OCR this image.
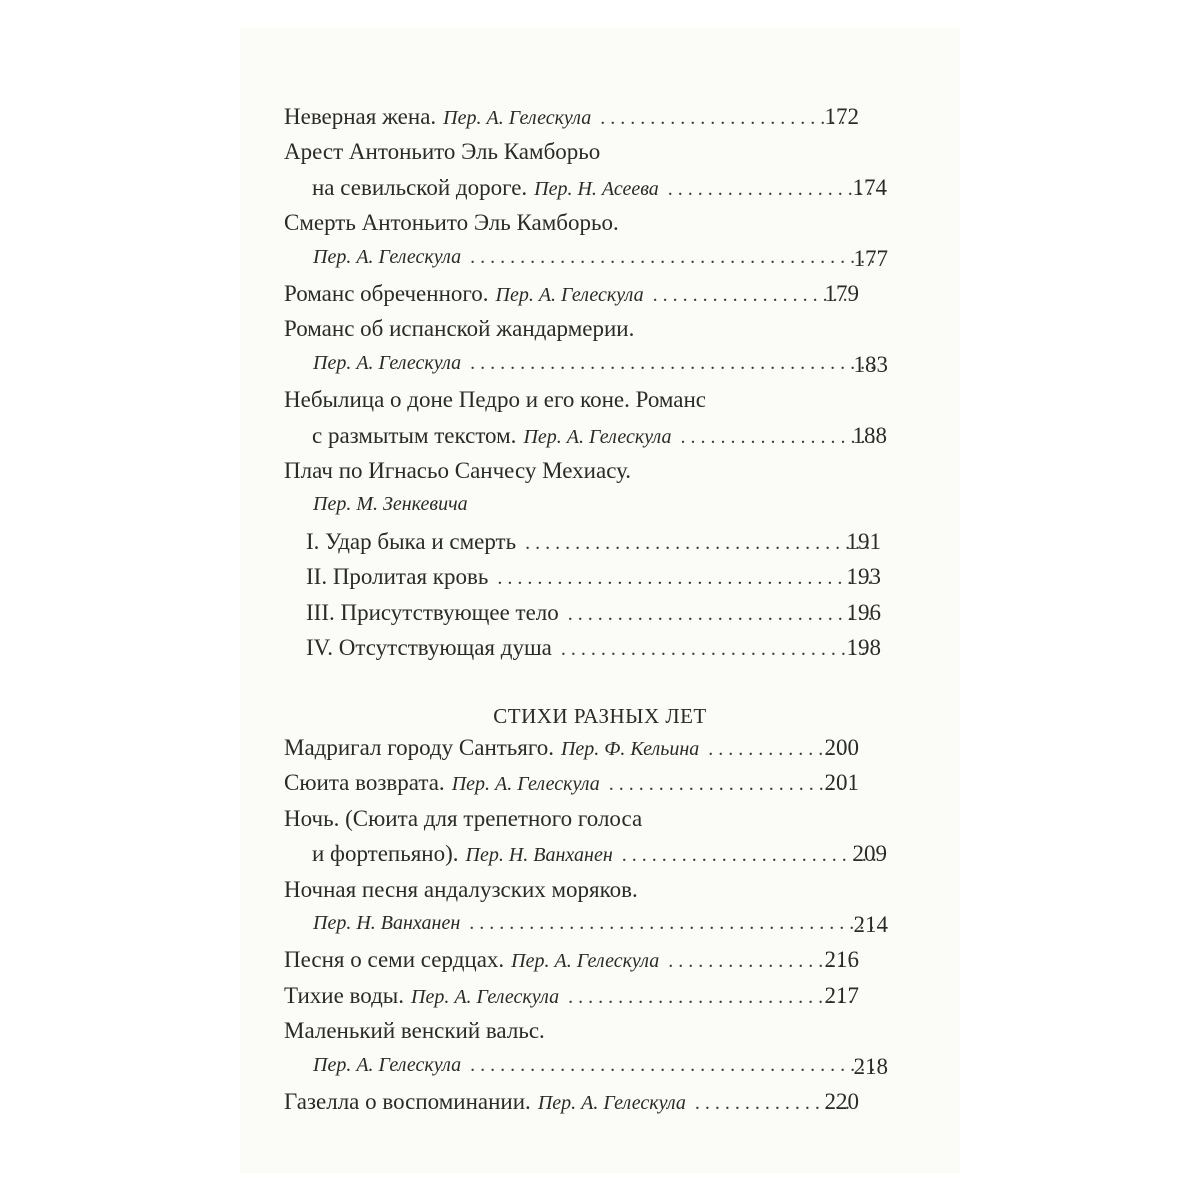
СТИХИ РАЗНЫХ ЛЕТ
Неверная жена. Пер. А. Гелескула . . .	172
Арест Антоньито Эль Камборьо
на севильской дороге. Пер. Н. Асеева . . .	174
Смерть Антоньито Эль Камборьо.
Пер. А. Гелескула . . .	177
Романс обреченного. Пер. А. Гелескула . . .	179
Романс об испанской жандармерии.
Пер. А. Гелескула . . .	183
Небылица о доне Педро и его коне. Романс
с размытым текстом. Пер. А. Гелескула . . .	188
Плач по Игнасьо Санчесу Мехиасу.
Пер. М. Зенкевича
I. Удар быка и смерть . . .	191
II. Пролитая кровь . . .	193
III. Присутствующее тело . . .	196
IV. Отсутствующая душа . . .	198
Мадригал городу Сантьяго. Пер. Ф. Кельина . . .	200
Сюита возврата. Пер. А. Гелескула . . .	201
Ночь. (Сюита для трепетного голоса
и фортепьяно). Пер. Н. Ванханен . . .	209
Ночная песня андалузских моряков.
Пер. Н. Ванханен . . .	214
Песня о семи сердцах. Пер. А. Гелескула . . .	216
Тихие воды. Пер. А. Гелескула . . .	217
Маленький венский вальс.
Пер. А. Гелескула . . .	218
Газелла о воспоминании. Пер. А. Гелескула . . .	220
